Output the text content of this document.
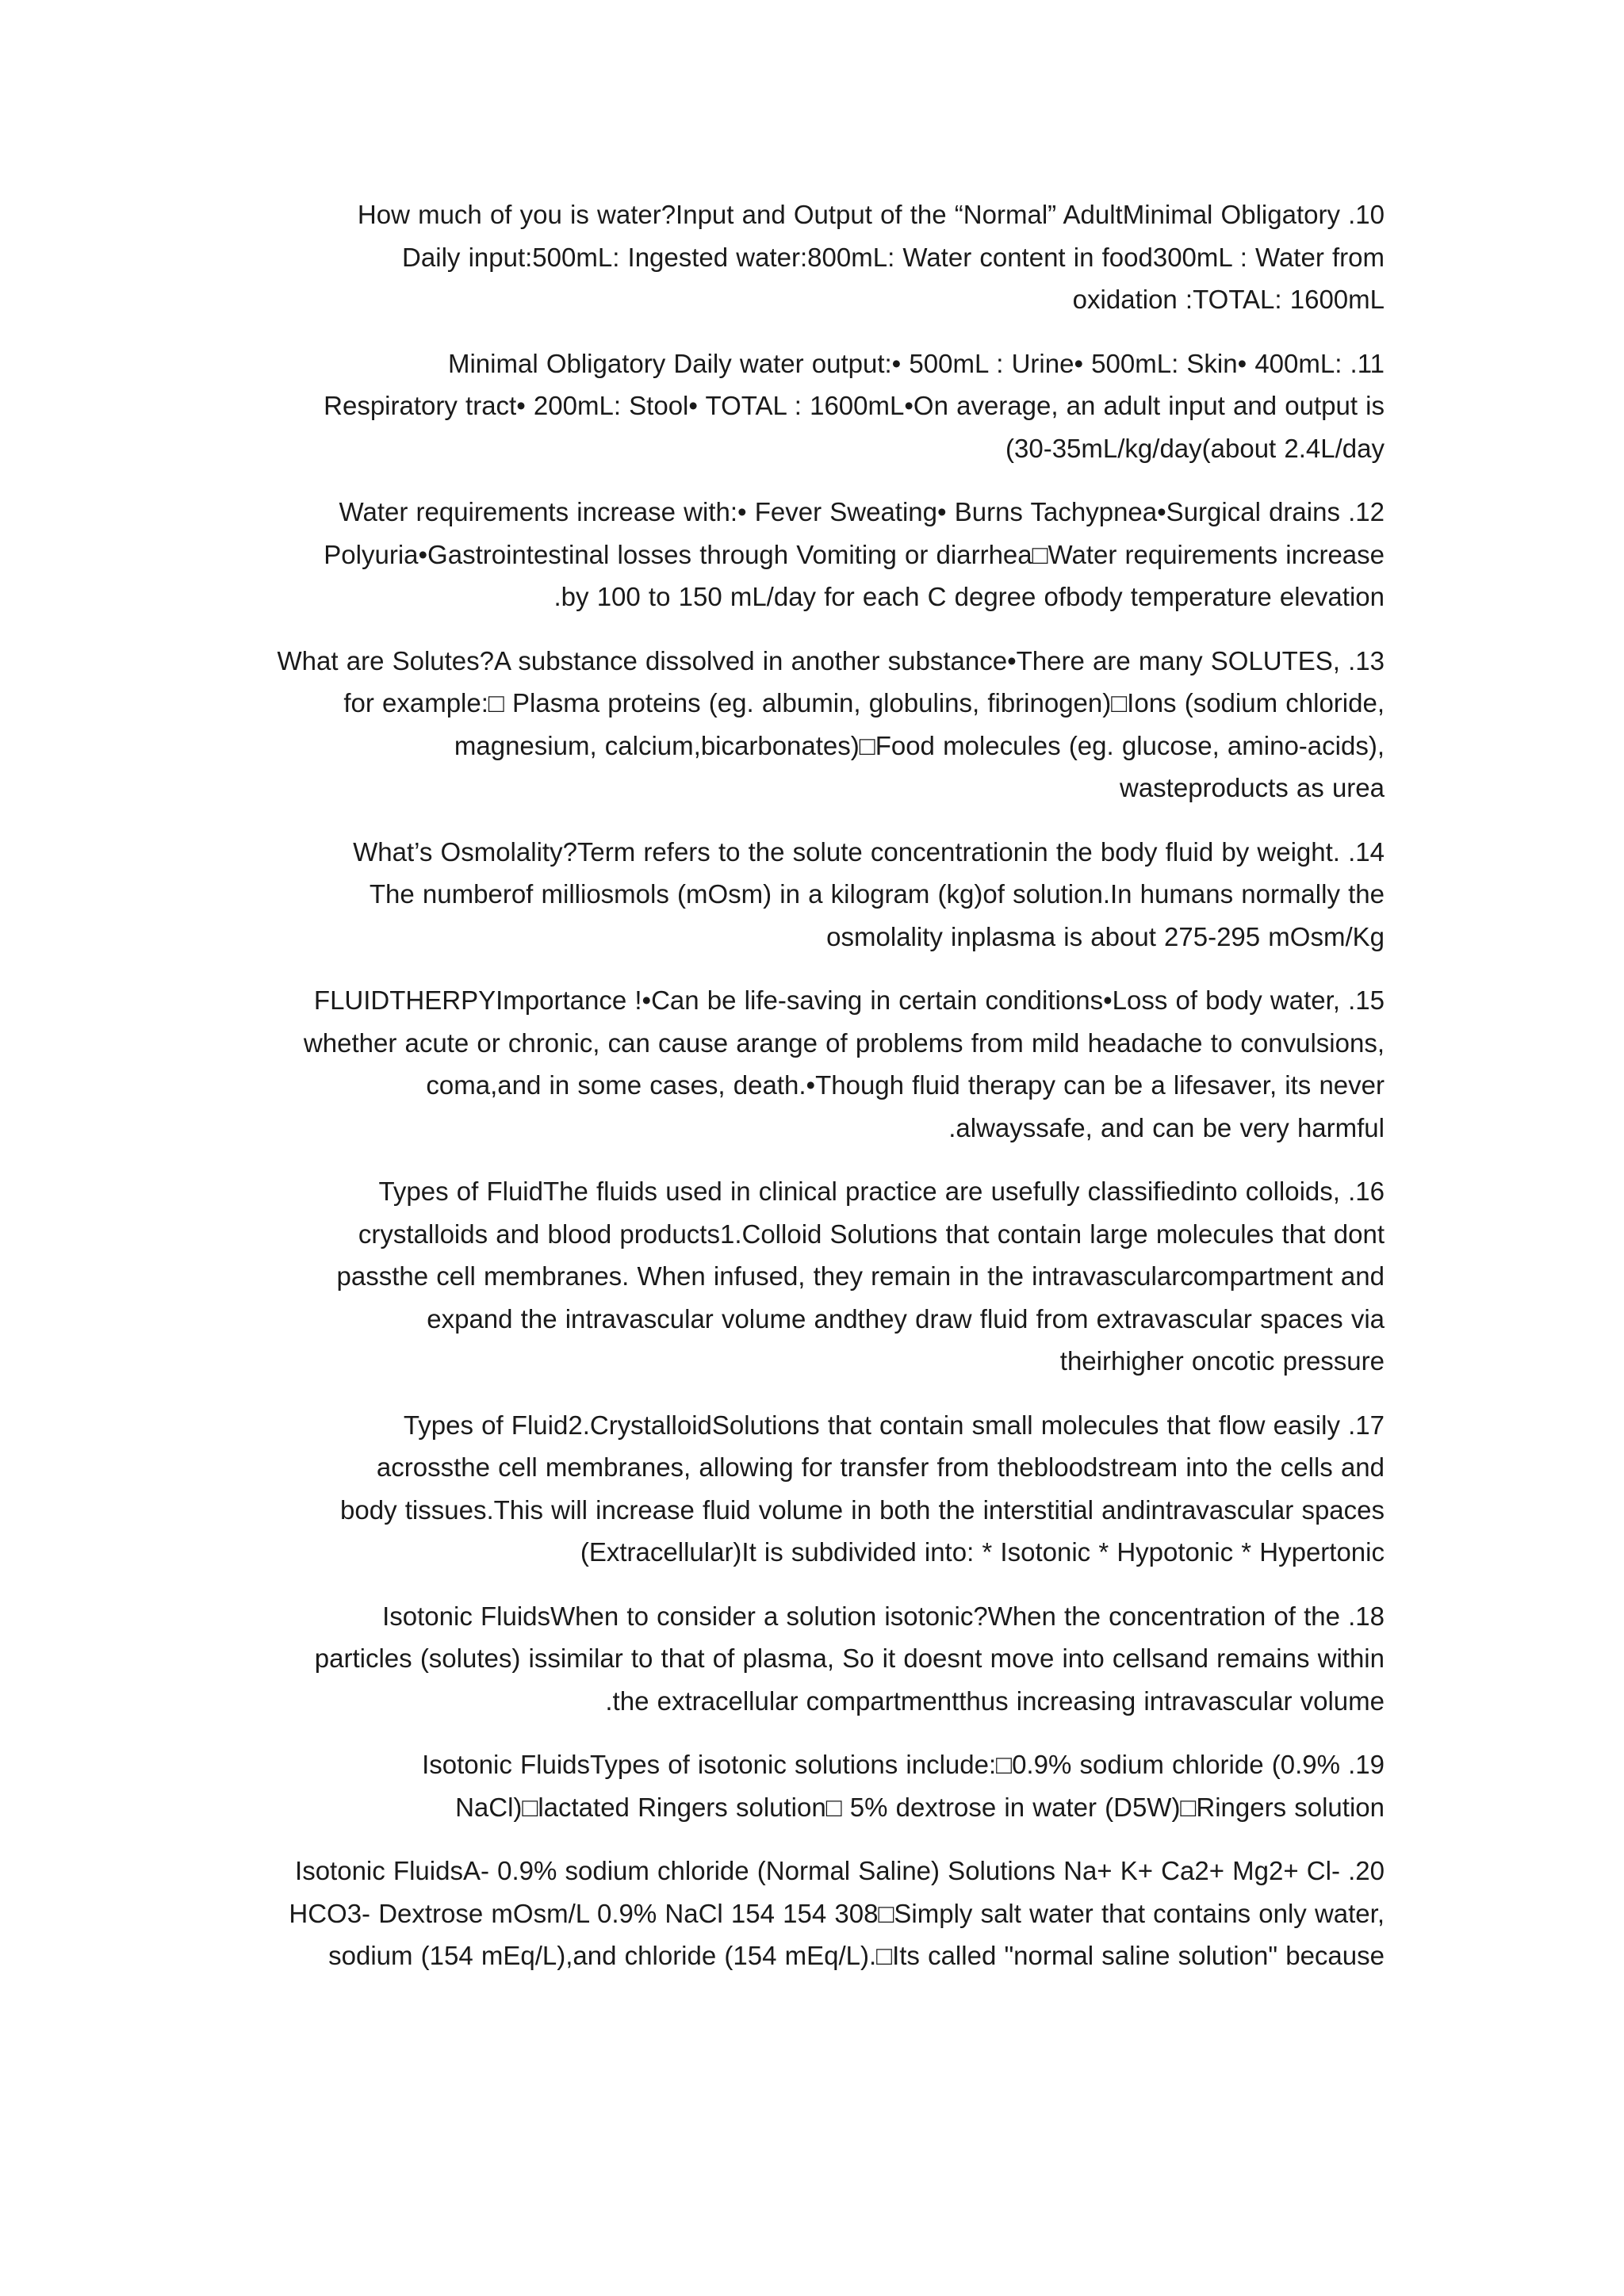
How much of you is water?Input and Output of the “Normal” AdultMinimal Obligatory .10
Daily input:500mL: Ingested water:800mL: Water content in food300mL : Water from
oxidation :TOTAL: 1600mL

Minimal Obligatory Daily water output:• 500mL : Urine• 500mL: Skin• 400mL: .11
Respiratory tract• 200mL: Stool• TOTAL : 1600mL•On average, an adult input and output is
(30-35mL/kg/day(about 2.4L/day

Water requirements increase with:• Fever Sweating• Burns Tachypnea•Surgical drains .12
Polyuria•Gastrointestinal losses through Vomiting or diarrhea□Water requirements increase
.by 100 to 150 mL/day for each C degree ofbody temperature elevation

What are Solutes?A substance dissolved in another substance•There are many SOLUTES, .13
for example:□ Plasma proteins (eg. albumin, globulins, fibrinogen)□Ions (sodium chloride,
magnesium, calcium,bicarbonates)□Food molecules (eg. glucose, amino-acids),
wasteproducts as urea

What’s Osmolality?Term refers to the solute concentrationin the body fluid by weight. .14
The numberof milliosmols (mOsm) in a kilogram (kg)of solution.In humans normally the
osmolality inplasma is about 275-295 mOsm/Kg

FLUIDTHERPYImportance !•Can be life-saving in certain conditions•Loss of body water, .15
whether acute or chronic, can cause arange of problems from mild headache to convulsions,
coma,and in some cases, death.•Though fluid therapy can be a lifesaver, its never
.alwayssafe, and can be very harmful

Types of FluidThe fluids used in clinical practice are usefully classifiedinto colloids, .16
crystalloids and blood products1.Colloid Solutions that contain large molecules that dont
passthe cell membranes. When infused, they remain in the intravascularcompartment and
expand the intravascular volume andthey draw fluid from extravascular spaces via
theirhigher oncotic pressure

Types of Fluid2.CrystalloidSolutions that contain small molecules that flow easily .17
acrossthe cell membranes, allowing for transfer from thebloodstream into the cells and
body tissues.This will increase fluid volume in both the interstitial andintravascular spaces
(Extracellular)It is subdivided into: * Isotonic * Hypotonic * Hypertonic

Isotonic FluidsWhen to consider a solution isotonic?When the concentration of the .18
particles (solutes) issimilar to that of plasma, So it doesnt move into cellsand remains within
.the extracellular compartmentthus increasing intravascular volume

Isotonic FluidsTypes of isotonic solutions include:□0.9% sodium chloride (0.9% .19
NaCl)□lactated Ringers solution□ 5% dextrose in water (D5W)□Ringers solution

Isotonic FluidsA- 0.9% sodium chloride (Normal Saline) Solutions Na+ K+ Ca2+ Mg2+ Cl- .20
HCO3- Dextrose mOsm/L 0.9% NaCl 154 154 308□Simply salt water that contains only water,
sodium (154 mEq/L),and chloride (154 mEq/L).□Its called "normal saline solution" because
